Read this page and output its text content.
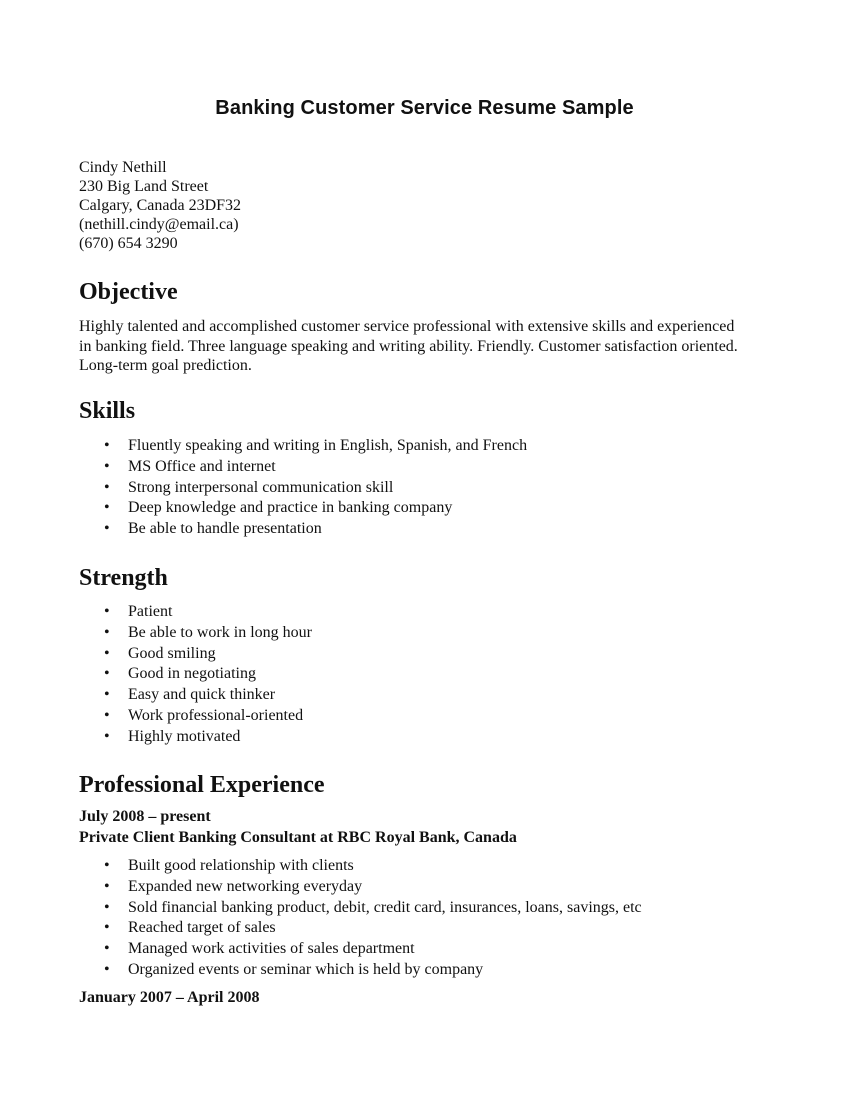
Banking Customer Service Resume Sample
Cindy Nethill
230 Big Land Street
Calgary, Canada 23DF32
(nethill.cindy@email.ca)
(670) 654 3290
Objective
Highly talented and accomplished customer service professional with extensive skills and experienced
in banking field. Three language speaking and writing ability. Friendly. Customer satisfaction oriented.
Long-term goal prediction.
Skills
• Fluently speaking and writing in English, Spanish, and French
• MS Office and internet
• Strong interpersonal communication skill
• Deep knowledge and practice in banking company
• Be able to handle presentation
Strength
• Patient
• Be able to work in long hour
• Good smiling
• Good in negotiating
• Easy and quick thinker
• Work professional-oriented
• Highly motivated
Professional Experience
July 2008 – present
Private Client Banking Consultant at RBC Royal Bank, Canada
• Built good relationship with clients
• Expanded new networking everyday
• Sold financial banking product, debit, credit card, insurances, loans, savings, etc
• Reached target of sales
• Managed work activities of sales department
• Organized events or seminar which is held by company
January 2007 – April 2008
